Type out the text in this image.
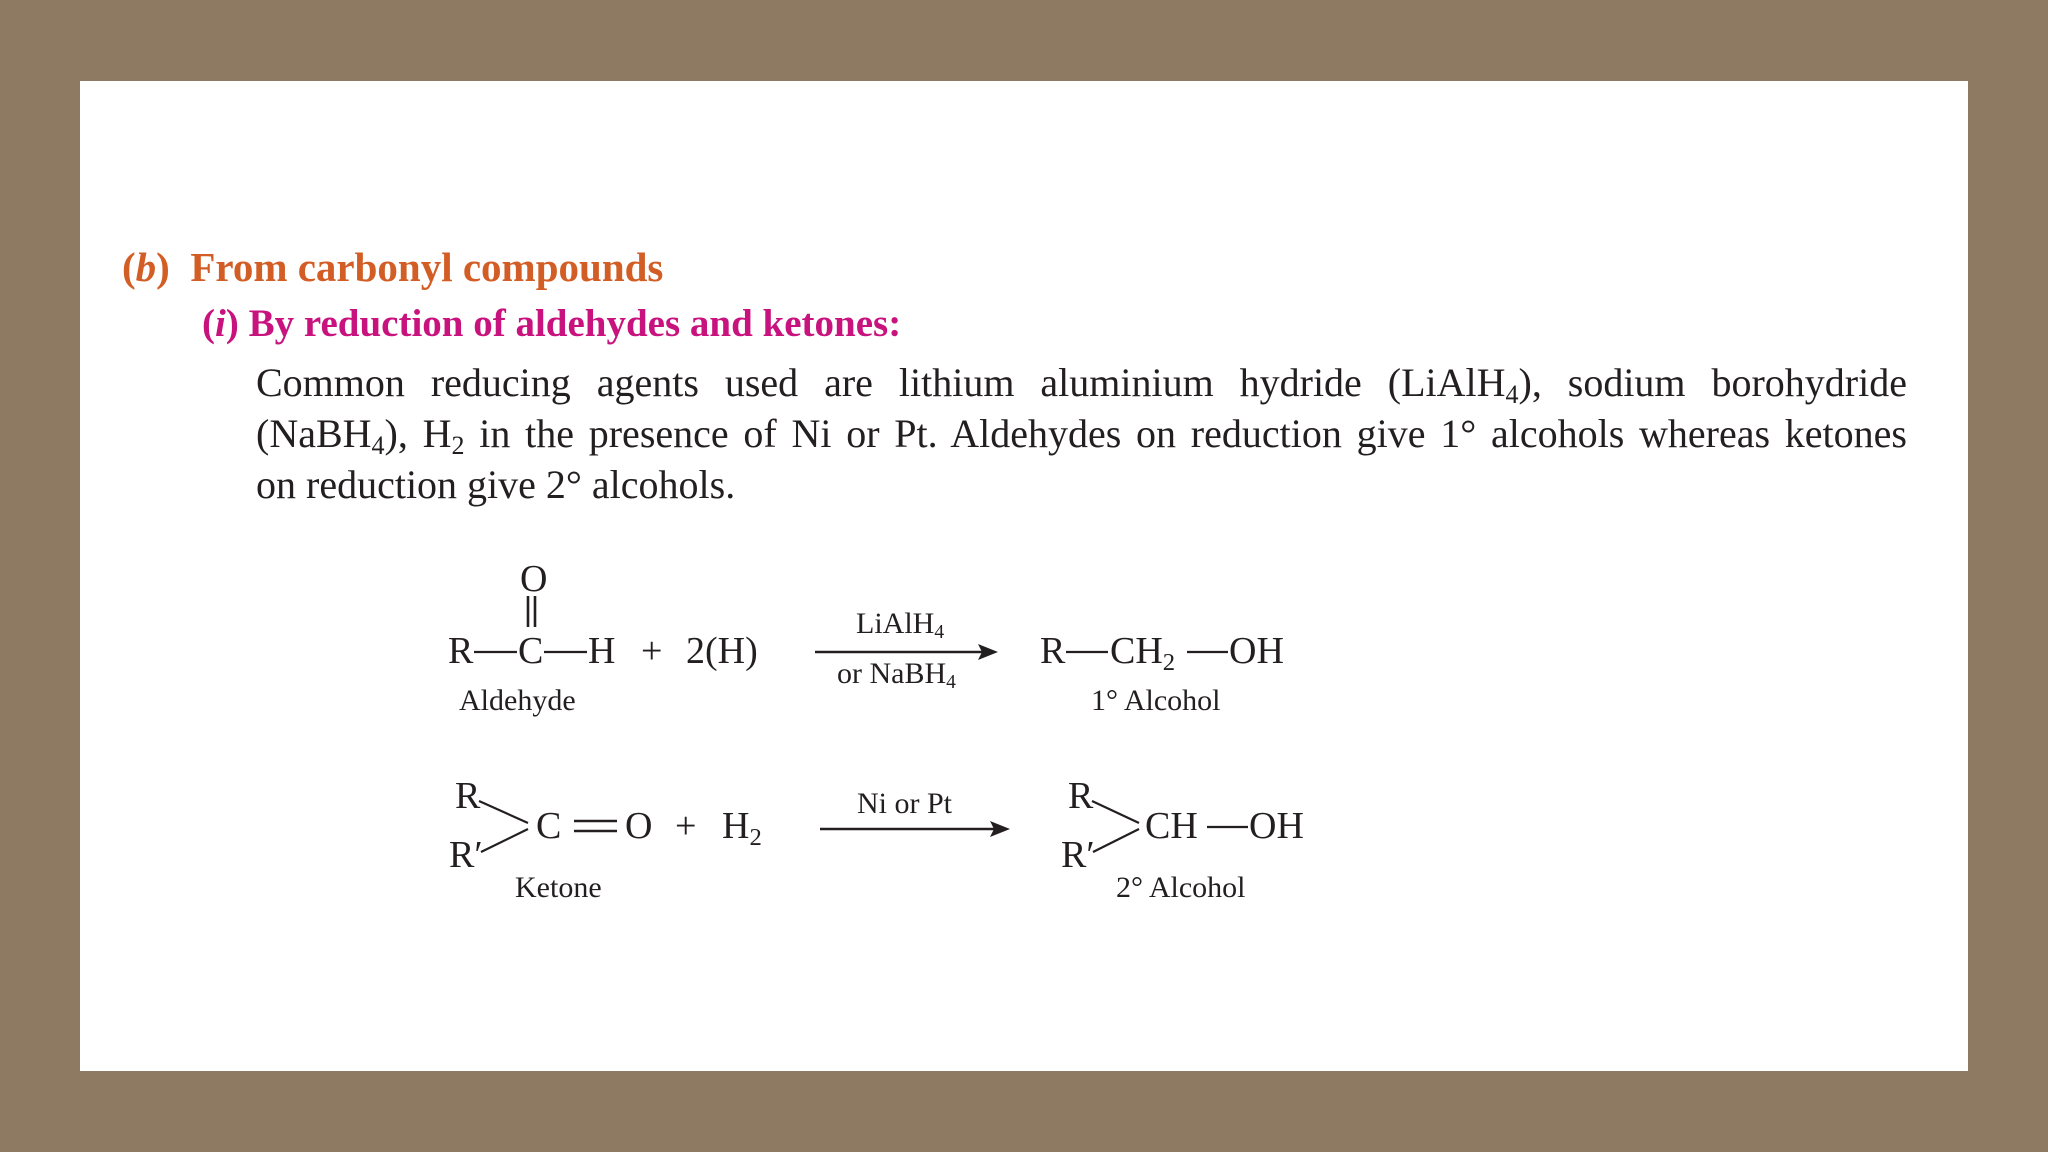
(b) From carbonyl compounds
(i) By reduction of aldehydes and ketones:

Common reducing agents used are lithium aluminium hydride (LiAlH$_4$), sodium borohydride

(NaBH$_4$), $H_2$ in the presence of Ni or Pt. Aldehydes on reduction give 1° alcohols whereas ketones

on reduction give 2° alcohols.

O
R C H + 2(H)
LiAlH$_4$
or NaBH$_4$
R $CH_2$ OH
Aldehyde	1° Alcohol
R
R′
C $O + H_2$
Ni or Pt	R
R′
CH OH
Ketone	2° Alcohol
